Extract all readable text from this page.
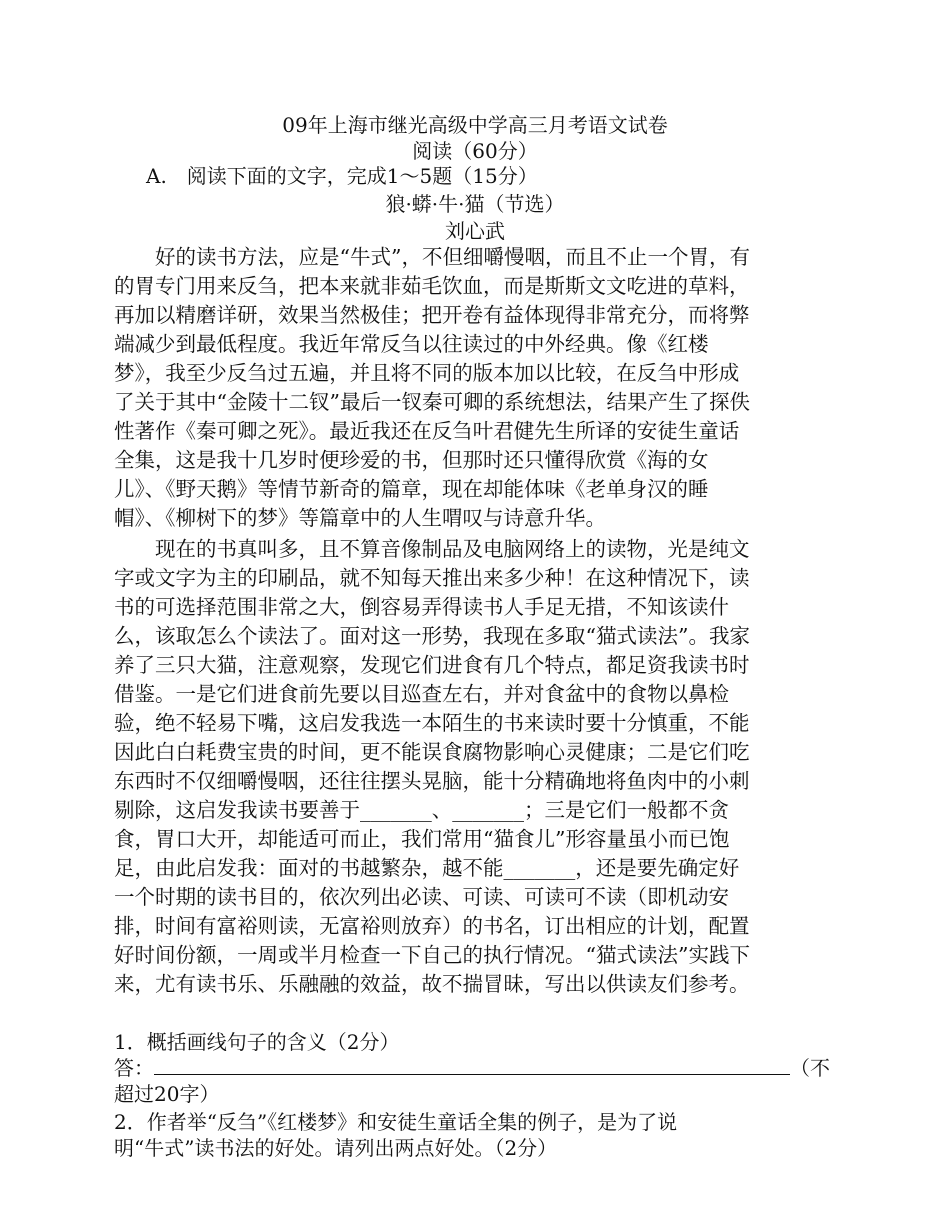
09年上海市继光高级中学高三月考语文试卷
阅读（60分）
A.　阅读下面的文字，完成1～5题（15分）
狼·蟒·牛·猫（节选）
刘心武
　　好的读书方法，应是“牛式”，不但细嚼慢咽，而且不止一个胃，有
的胃专门用来反刍，把本来就非茹毛饮血，而是斯斯文文吃进的草料，
再加以精磨详研，效果当然极佳；把开卷有益体现得非常充分，而将弊
端减少到最低程度。我近年常反刍以往读过的中外经典。像《红楼
梦》，我至少反刍过五遍，并且将不同的版本加以比较，在反刍中形成
了关于其中“金陵十二钗”最后一钗秦可卿的系统想法，结果产生了探佚
性著作《秦可卿之死》。最近我还在反刍叶君健先生所译的安徒生童话
全集，这是我十几岁时便珍爱的书，但那时还只懂得欣赏《海的女
儿》、《野天鹅》等情节新奇的篇章，现在却能体味《老单身汉的睡
帽》、《柳树下的梦》等篇章中的人生喟叹与诗意升华。
　　现在的书真叫多，且不算音像制品及电脑网络上的读物，光是纯文
字或文字为主的印刷品，就不知每天推出来多少种！在这种情况下，读
书的可选择范围非常之大，倒容易弄得读书人手足无措，不知该读什
么，该取怎么个读法了。面对这一形势，我现在多取“猫式读法”。我家
养了三只大猫，注意观察，发现它们进食有几个特点，都足资我读书时
借鉴。一是它们进食前先要以目巡查左右，并对食盆中的食物以鼻检
验，绝不轻易下嘴，这启发我选一本陌生的书来读时要十分慎重，不能
因此白白耗费宝贵的时间，更不能误食腐物影响心灵健康；二是它们吃
东西时不仅细嚼慢咽，还往往摆头晃脑，能十分精确地将鱼肉中的小刺
剔除，这启发我读书要善于_______、_______；三是它们一般都不贪
食，胃口大开，却能适可而止，我们常用“猫食儿”形容量虽小而已饱
足，由此启发我：面对的书越繁杂，越不能_______，还是要先确定好
一个时期的读书目的，依次列出必读、可读、可读可不读（即机动安
排，时间有富裕则读，无富裕则放弃）的书名，订出相应的计划，配置
好时间份额，一周或半月检查一下自己的执行情况。“猫式读法”实践下
来，尤有读书乐、乐融融的效益，故不揣冒昧，写出以供读友们参考。
1．概括画线句子的含义（2分）
答：	（不
超过20字）
2．作者举“反刍”《红楼梦》和安徒生童话全集的例子，是为了说
明“牛式”读书法的好处。请列出两点好处。（2分）
